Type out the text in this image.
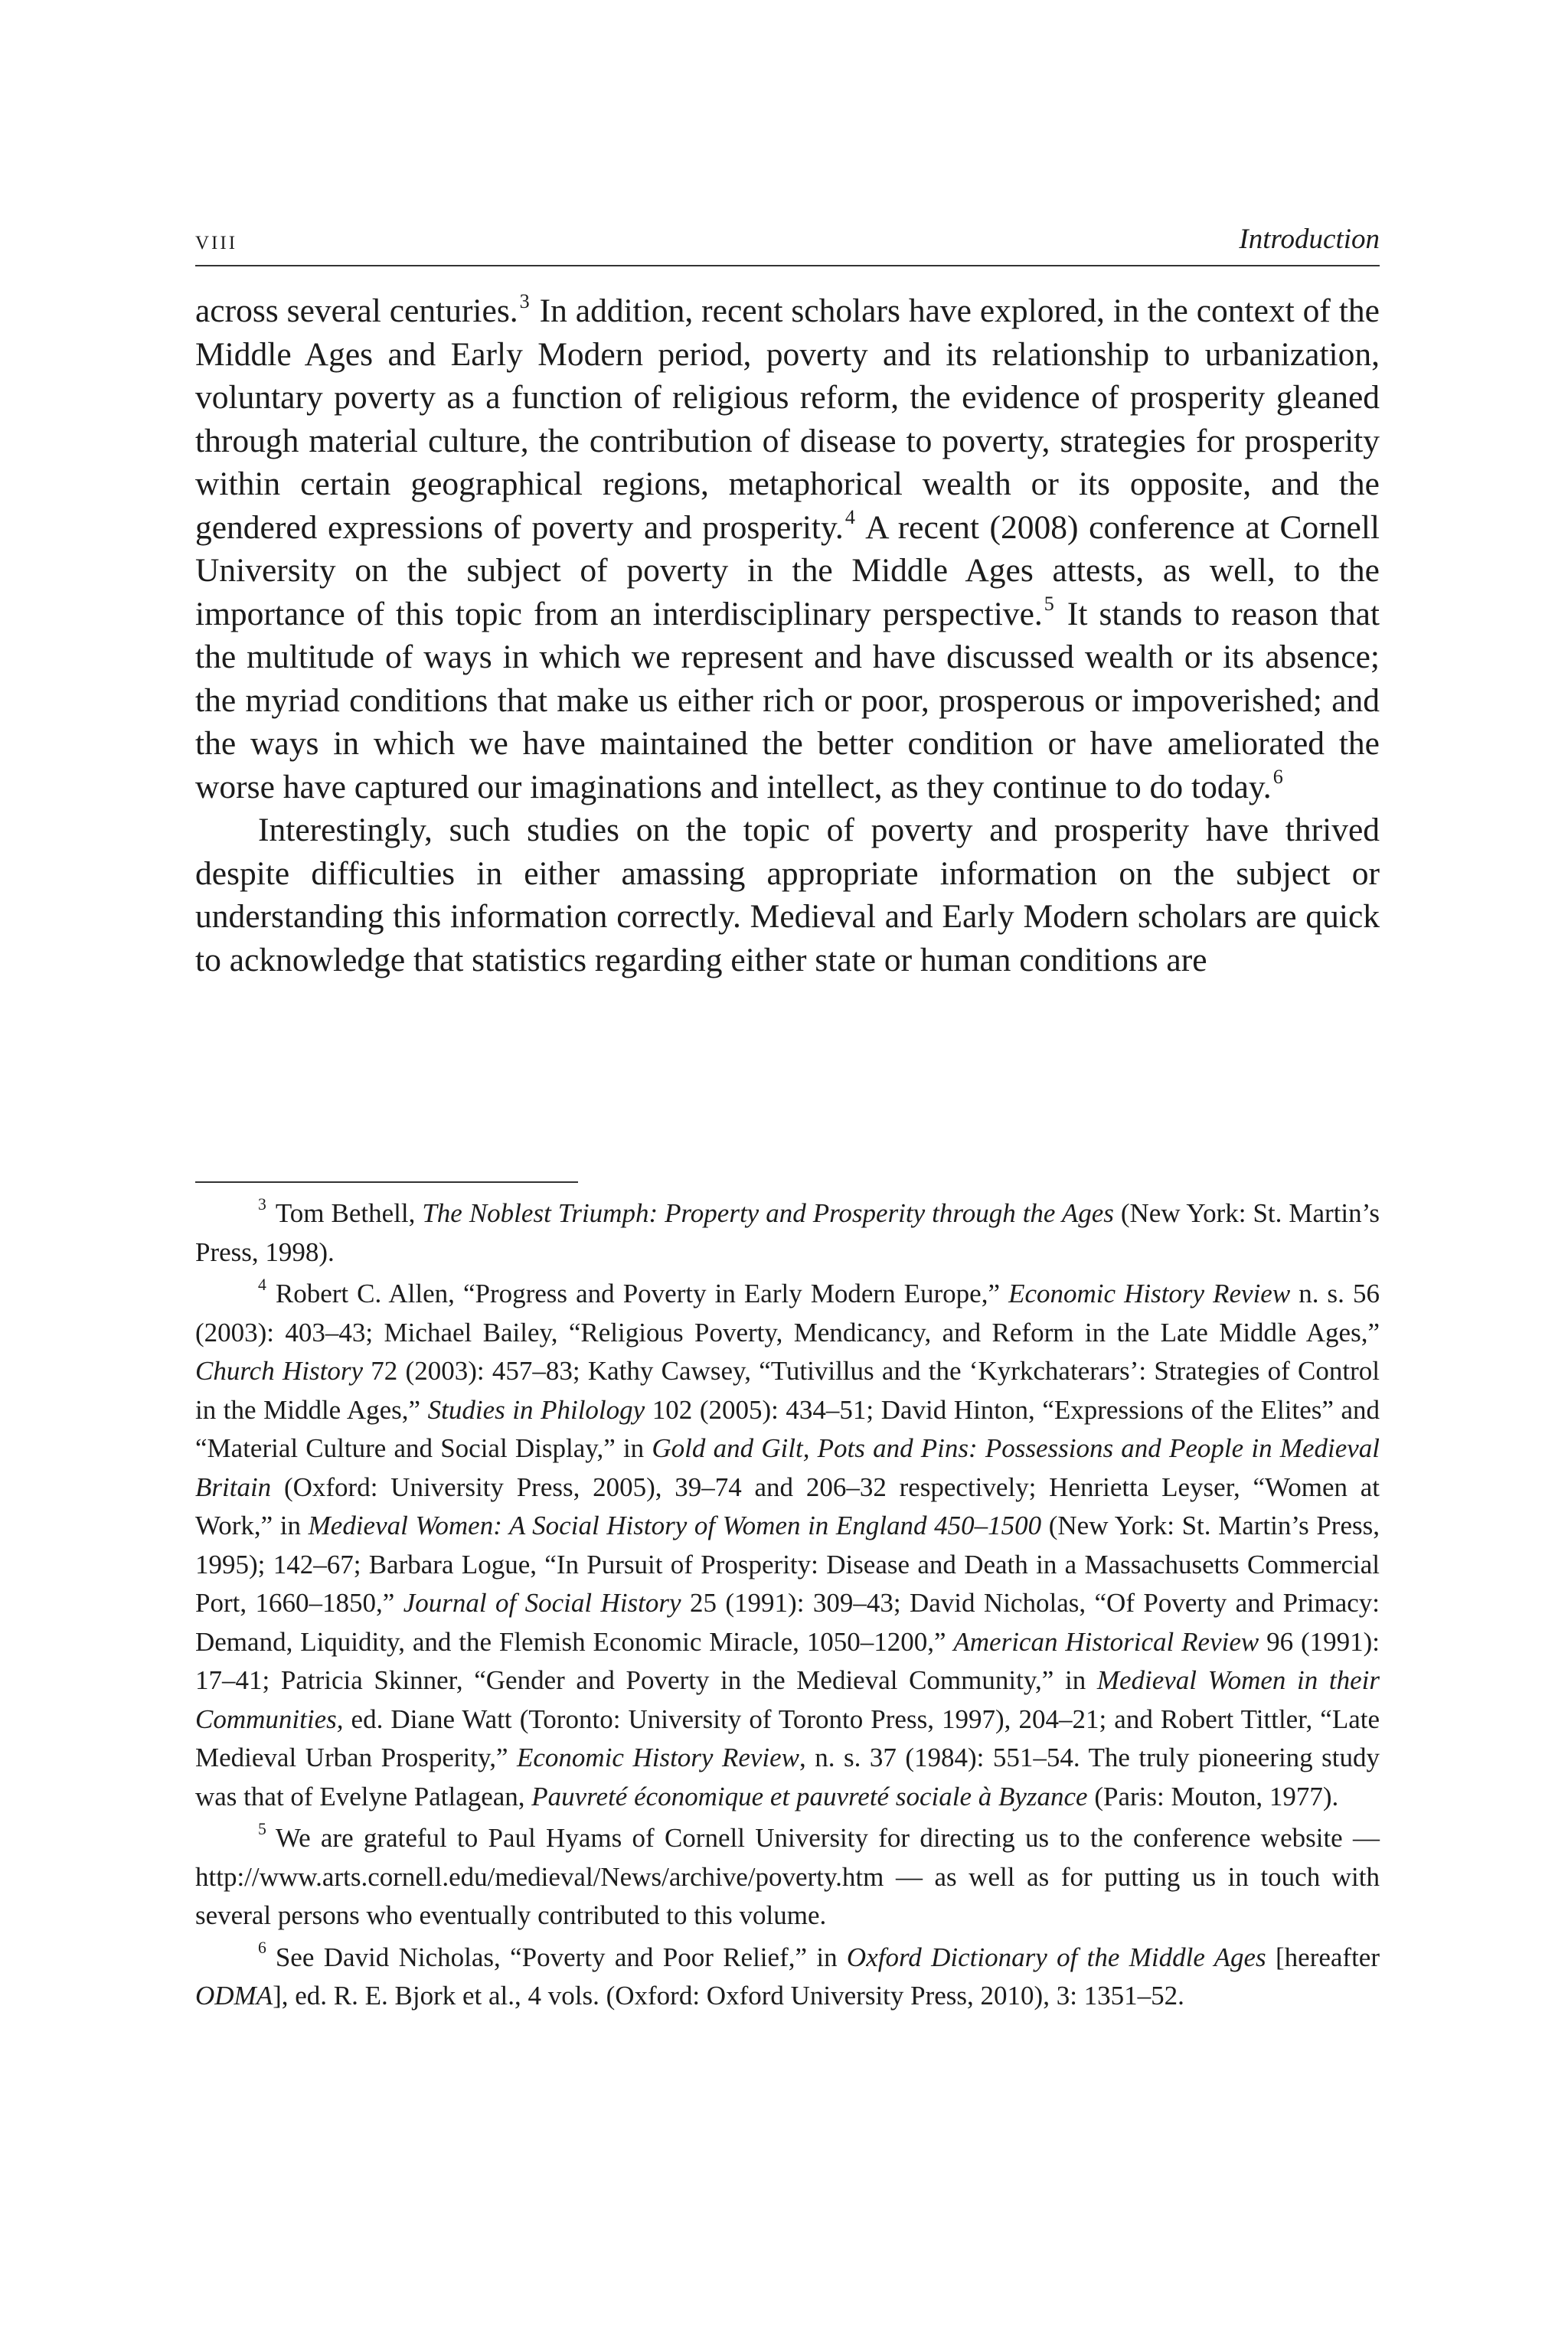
viii	Introduction

across several centuries.$^3$ In addition, recent scholars have explored, in the context of the Middle Ages and Early Modern period, poverty and its relationship to urbanization, voluntary poverty as a function of religious reform, the evidence of prosperity gleaned through material culture, the contribution of disease to poverty, strategies for prosperity within certain geographical regions, metaphorical wealth or its opposite, and the gendered expressions of poverty and prosperity.$^4$ A recent (2008) conference at Cornell University on the subject of poverty in the Middle Ages attests, as well, to the importance of this topic from an interdisciplinary perspective.$^5$ It stands to reason that the multitude of ways in which we represent and have discussed wealth or its absence; the myriad conditions that make us either rich or poor, prosperous or impoverished; and the ways in which we have maintained the better condition or have ameliorated the worse have captured our imaginations and intellect, as they continue to do today.$^6$

Interestingly, such studies on the topic of poverty and prosperity have thrived despite difficulties in either amassing appropriate information on the subject or understanding this information correctly. Medieval and Early Modern scholars are quick to acknowledge that statistics regarding either state or human conditions are

$^3$ Tom Bethell, The Noblest Triumph: Property and Prosperity through the Ages (New York: St. Martin’s Press, 1998).

$^4$ Robert C. Allen, “Progress and Poverty in Early Modern Europe,” Economic History Review n. s. 56 (2003): 403–43; Michael Bailey, “Religious Poverty, Mendicancy, and Reform in the Late Middle Ages,” Church History 72 (2003): 457–83; Kathy Cawsey, “Tutivillus and the ‘Kyrkchaterars’: Strategies of Control in the Middle Ages,” Studies in Philology 102 (2005): 434–51; David Hinton, “Expressions of the Elites” and “Material Culture and Social Display,” in Gold and Gilt, Pots and Pins: Possessions and People in Medieval Britain (Oxford: University Press, 2005), 39–74 and 206–32 respectively; Henrietta Leyser, “Women at Work,” in Medieval Women: A Social History of Women in England 450–1500 (New York: St. Martin’s Press, 1995); 142–67; Barbara Logue, “In Pursuit of Prosperity: Disease and Death in a Massachusetts Commercial Port, 1660–1850,” Journal of Social History 25 (1991): 309–43; David Nicholas, “Of Poverty and Primacy: Demand, Liquidity, and the Flemish Economic Miracle, 1050–1200,” American Historical Review 96 (1991): 17–41; Patricia Skinner, “Gender and Poverty in the Medieval Community,” in Medieval Women in their Communities, ed. Diane Watt (Toronto: University of Toronto Press, 1997), 204–21; and Robert Tittler, “Late Medieval Urban Prosperity,” Economic History Review, n. s. 37 (1984): 551–54. The truly pioneering study was that of Evelyne Patlagean, Pauvreté économique et pauvreté sociale à Byzance (Paris: Mouton, 1977).

$^5$ We are grateful to Paul Hyams of Cornell University for directing us to the conference website — http://www.arts.cornell.edu/medieval/News/archive/poverty.htm — as well as for putting us in touch with several persons who eventually contributed to this volume.

$^6$ See David Nicholas, “Poverty and Poor Relief,” in Oxford Dictionary of the Middle Ages [hereafter ODMA], ed. R. E. Bjork et al., 4 vols. (Oxford: Oxford University Press, 2010), 3: 1351–52.
